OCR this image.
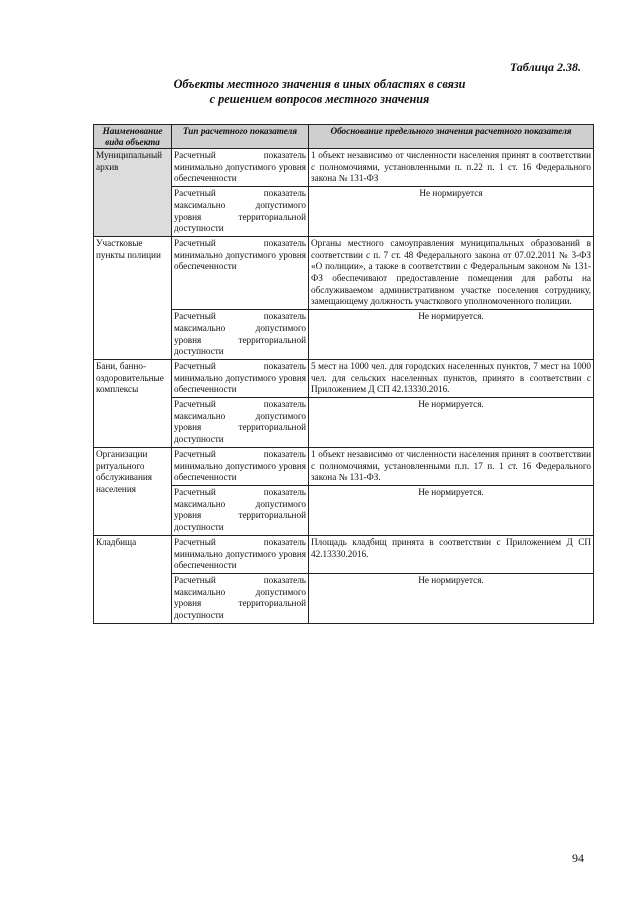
Таблица 2.38.
Объекты местного значения в иных областях в связи
с решением вопросов местного значения
Наименование вида объекта	Тип расчетного показателя	Обоснование предельного значения расчетного показателя
Муниципальный архив	Расчетный показатель минимально допустимого уровня обеспеченности	1 объект независимо от численности населения принят в соответствии с полномочиями, установленными п. п.22 п. 1 ст. 16 Федерального закона № 131-ФЗ
	Расчетный показатель максимально допустимого уровня территориальной доступности	Не нормируется
Участковые пункты полиции	Расчетный показатель минимально допустимого уровня обеспеченности	Органы местного самоуправления муниципальных образований в соответствии с п. 7 ст. 48 Федерального закона от 07.02.2011 № 3-ФЗ «О полиции», а также в соответствии с Федеральным законом № 131-ФЗ обеспечивают предоставление помещения для работы на обслуживаемом административном участке поселения сотруднику, замещающему должность участкового уполномоченного полиции.
	Расчетный показатель максимально допустимого уровня территориальной доступности	Не нормируется.
Бани, банно-оздоровительные комплексы	Расчетный показатель минимально допустимого уровня обеспеченности	5 мест на 1000 чел. для городских населенных пунктов, 7 мест на 1000 чел. для сельских населенных пунктов, принято в соответствии с Приложением Д СП 42.13330.2016.
	Расчетный показатель максимально допустимого уровня территориальной доступности	Не нормируется.
Организации ритуального обслуживания населения	Расчетный показатель минимально допустимого уровня обеспеченности	1 объект независимо от численности населения принят в соответствии с полномочиями, установленными п.п. 17 п. 1 ст. 16 Федерального закона № 131-ФЗ.
	Расчетный показатель максимально допустимого уровня территориальной доступности	Не нормируется.
Кладбища	Расчетный показатель минимально допустимого уровня обеспеченности	Площадь кладбищ принята в соответствии с Приложением Д СП 42.13330.2016.
	Расчетный показатель максимально допустимого уровня территориальной доступности	Не нормируется.
94
